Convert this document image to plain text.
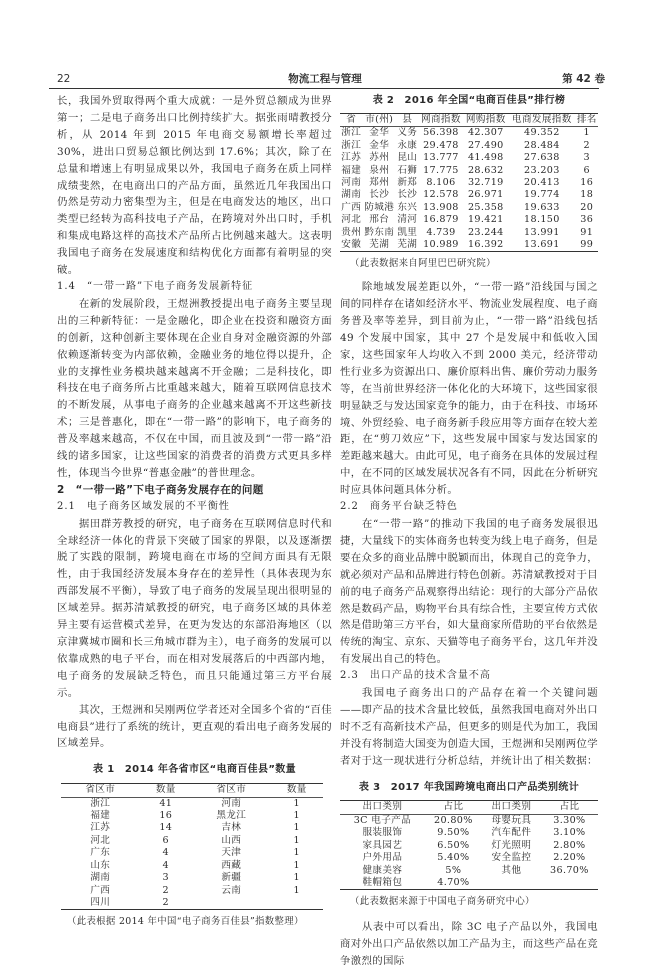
22	物流工程与管理	第 42 卷

长，我国外贸取得两个重大成就：一是外贸总额成为世界第一；二是电子商务出口比例持续扩大。据张雨晴教授分析，从 2014 年到 2015 年电商交易额增长率超过 30%，进出口贸易总额比例达到 17.6%；其次，除了在总量和增速上有明显成果以外，我国电子商务在质上同样成绩斐然，在电商出口的产品方面，虽然近几年我国出口仍然是劳动力密集型为主，但是在电商发达的地区，出口类型已经转为高科技电子产品，在跨境对外出口时，手机和集成电路这样的高技术产品所占比例越来越大。这表明我国电子商务在发展速度和结构优化方面都有着明显的突破。

1.4　“一带一路”下电子商务发展新特征

在新的发展阶段，王煜洲教授提出电子商务主要呈现出的三种新特征：一是金融化，即企业在投资和融资方面的创新，这种创新主要体现在企业自身对金融资源的外部依赖逐渐转变为内部依赖，金融业务的地位得以提升，企业的支撑性业务模块越来越离不开金融；二是科技化，即科技在电子商务所占比重越来越大，随着互联网信息技术的不断发展，从事电子商务的企业越来越离不开这些新技术；三是普惠化，即在“一带一路”的影响下，电子商务的普及率越来越高，不仅在中国，而且波及到“一带一路”沿线的诸多国家，让这些国家的消费者的消费方式更具多样性，体现当今世界“普惠金融”的普世理念。

2　“一带一路”下电子商务发展存在的问题

2.1　电子商务区域发展的不平衡性

据田群芳教授的研究，电子商务在互联网信息时代和全球经济一体化的背景下突破了国家的界限，以及逐渐摆脱了实践的限制，跨境电商在市场的空间方面具有无限性，由于我国经济发展本身存在的差异性（具体表现为东西部发展不平衡），导致了电子商务的发展呈现出很明显的区域差异。据苏清斌教授的研究，电子商务区域的具体差异主要有运营模式差异，在更为发达的东部沿海地区（以京津冀城市圈和长三角城市群为主），电子商务的发展可以依靠成熟的电子平台，而在相对发展落后的中西部内地，电子商务的发展缺乏特色，而且只能通过第三方平台展示。

其次，王煜洲和吴刚两位学者还对全国多个省的“百佳电商县”进行了系统的统计，更直观的看出电子商务发展的区域差异。

表 1　2014 年各省市区“电商百佳县”数量

省区市	数量	省区市	数量
浙江	41	河南	1
福建	16	黑龙江	1
江苏	14	吉林	1
河北	6	山西	1
广东	4	天津	1
山东	4	西藏	1
湖南	3	新疆	1
广西	2	云南	1
四川	2		

（此表根据 2014 年中国“电子商务百佳县”指数整理）

表 2　2016 年全国“电商百佳县”排行榜

省	市(州)	县	网商指数	网购指数	电商发展指数	排名
浙江	金华	义务	56.398	42.307	49.352	1
浙江	金华	永康	29.478	27.490	28.484	2
江苏	苏州	昆山	13.777	41.498	27.638	3
福建	泉州	石狮	17.775	28.632	23.203	6
河南	郑州	新郑	8.106	32.719	20.413	16
湖南	长沙	长沙	12.578	26.971	19.774	18
广西	防城港	东兴	13.908	25.358	19.633	20
河北	邢台	清河	16.879	19.421	18.150	36
贵州	黔东南	凯里	4.739	23.244	13.991	91
安徽	芜湖	芜湖	10.989	16.392	13.691	99

（此表数据来自阿里巴巴研究院）

除地域发展差距以外，“一带一路”沿线国与国之间的同样存在诸如经济水平、物流业发展程度、电子商务普及率等差异，到目前为止，“一带一路”沿线包括 49 个发展中国家，其中 27 个是发展中和低收入国家，这些国家年人均收入不到 2000 美元，经济带动性行业多为资源出口、廉价原料出售、廉价劳动力服务等，在当前世界经济一体化化的大环境下，这些国家很明显缺乏与发达国家竞争的能力，由于在科技、市场环境、外贸经验、电子商务新手段应用等方面存在较大差距，在“剪刀效应”下，这些发展中国家与发达国家的差距越来越大。由此可见，电子商务在具体的发展过程中，在不同的区域发展状况各有不同，因此在分析研究时应具体问题具体分析。

2.2　商务平台缺乏特色

在“一带一路”的推动下我国的电子商务发展很迅捷，大量线下的实体商务也转变为线上电子商务，但是要在众多的商业品牌中脱颖而出，体现自己的竞争力，就必须对产品和品牌进行特色创新。苏清斌教授对于目前的电子商务产品观察得出结论：现行的大部分产品依然是数码产品，购物平台具有综合性，主要宣传方式依然是借助第三方平台，如大量商家所借助的平台依然是传统的淘宝、京东、天猫等电子商务平台，这几年并没有发展出自己的特色。

2.3　出口产品的技术含量不高

我国电子商务出口的产品存在着一个关键问题——即产品的技术含量比较低，虽然我国电商对外出口时不乏有高新技术产品，但更多的则是代为加工，我国并没有将制造大国变为创造大国，王煜洲和吴刚两位学者对于这一现状进行分析总结，并统计出了相关数据：

表 3　2017 年我国跨境电商出口产品类别统计

出口类别	占比	出口类别	占比
3C 电子产品	20.80%	母婴玩具	3.30%
服装服饰	9.50%	汽车配件	3.10%
家具园艺	6.50%	灯光照明	2.80%
户外用品	5.40%	安全监控	2.20%
健康美容	5%	其他	36.70%
鞋帽箱包	4.70%		

（此表数据来源于中国电子商务研究中心）

从表中可以看出，除 3C 电子产品以外，我国电商对外出口产品依然以加工产品为主，而这些产品在竞争激烈的国际
